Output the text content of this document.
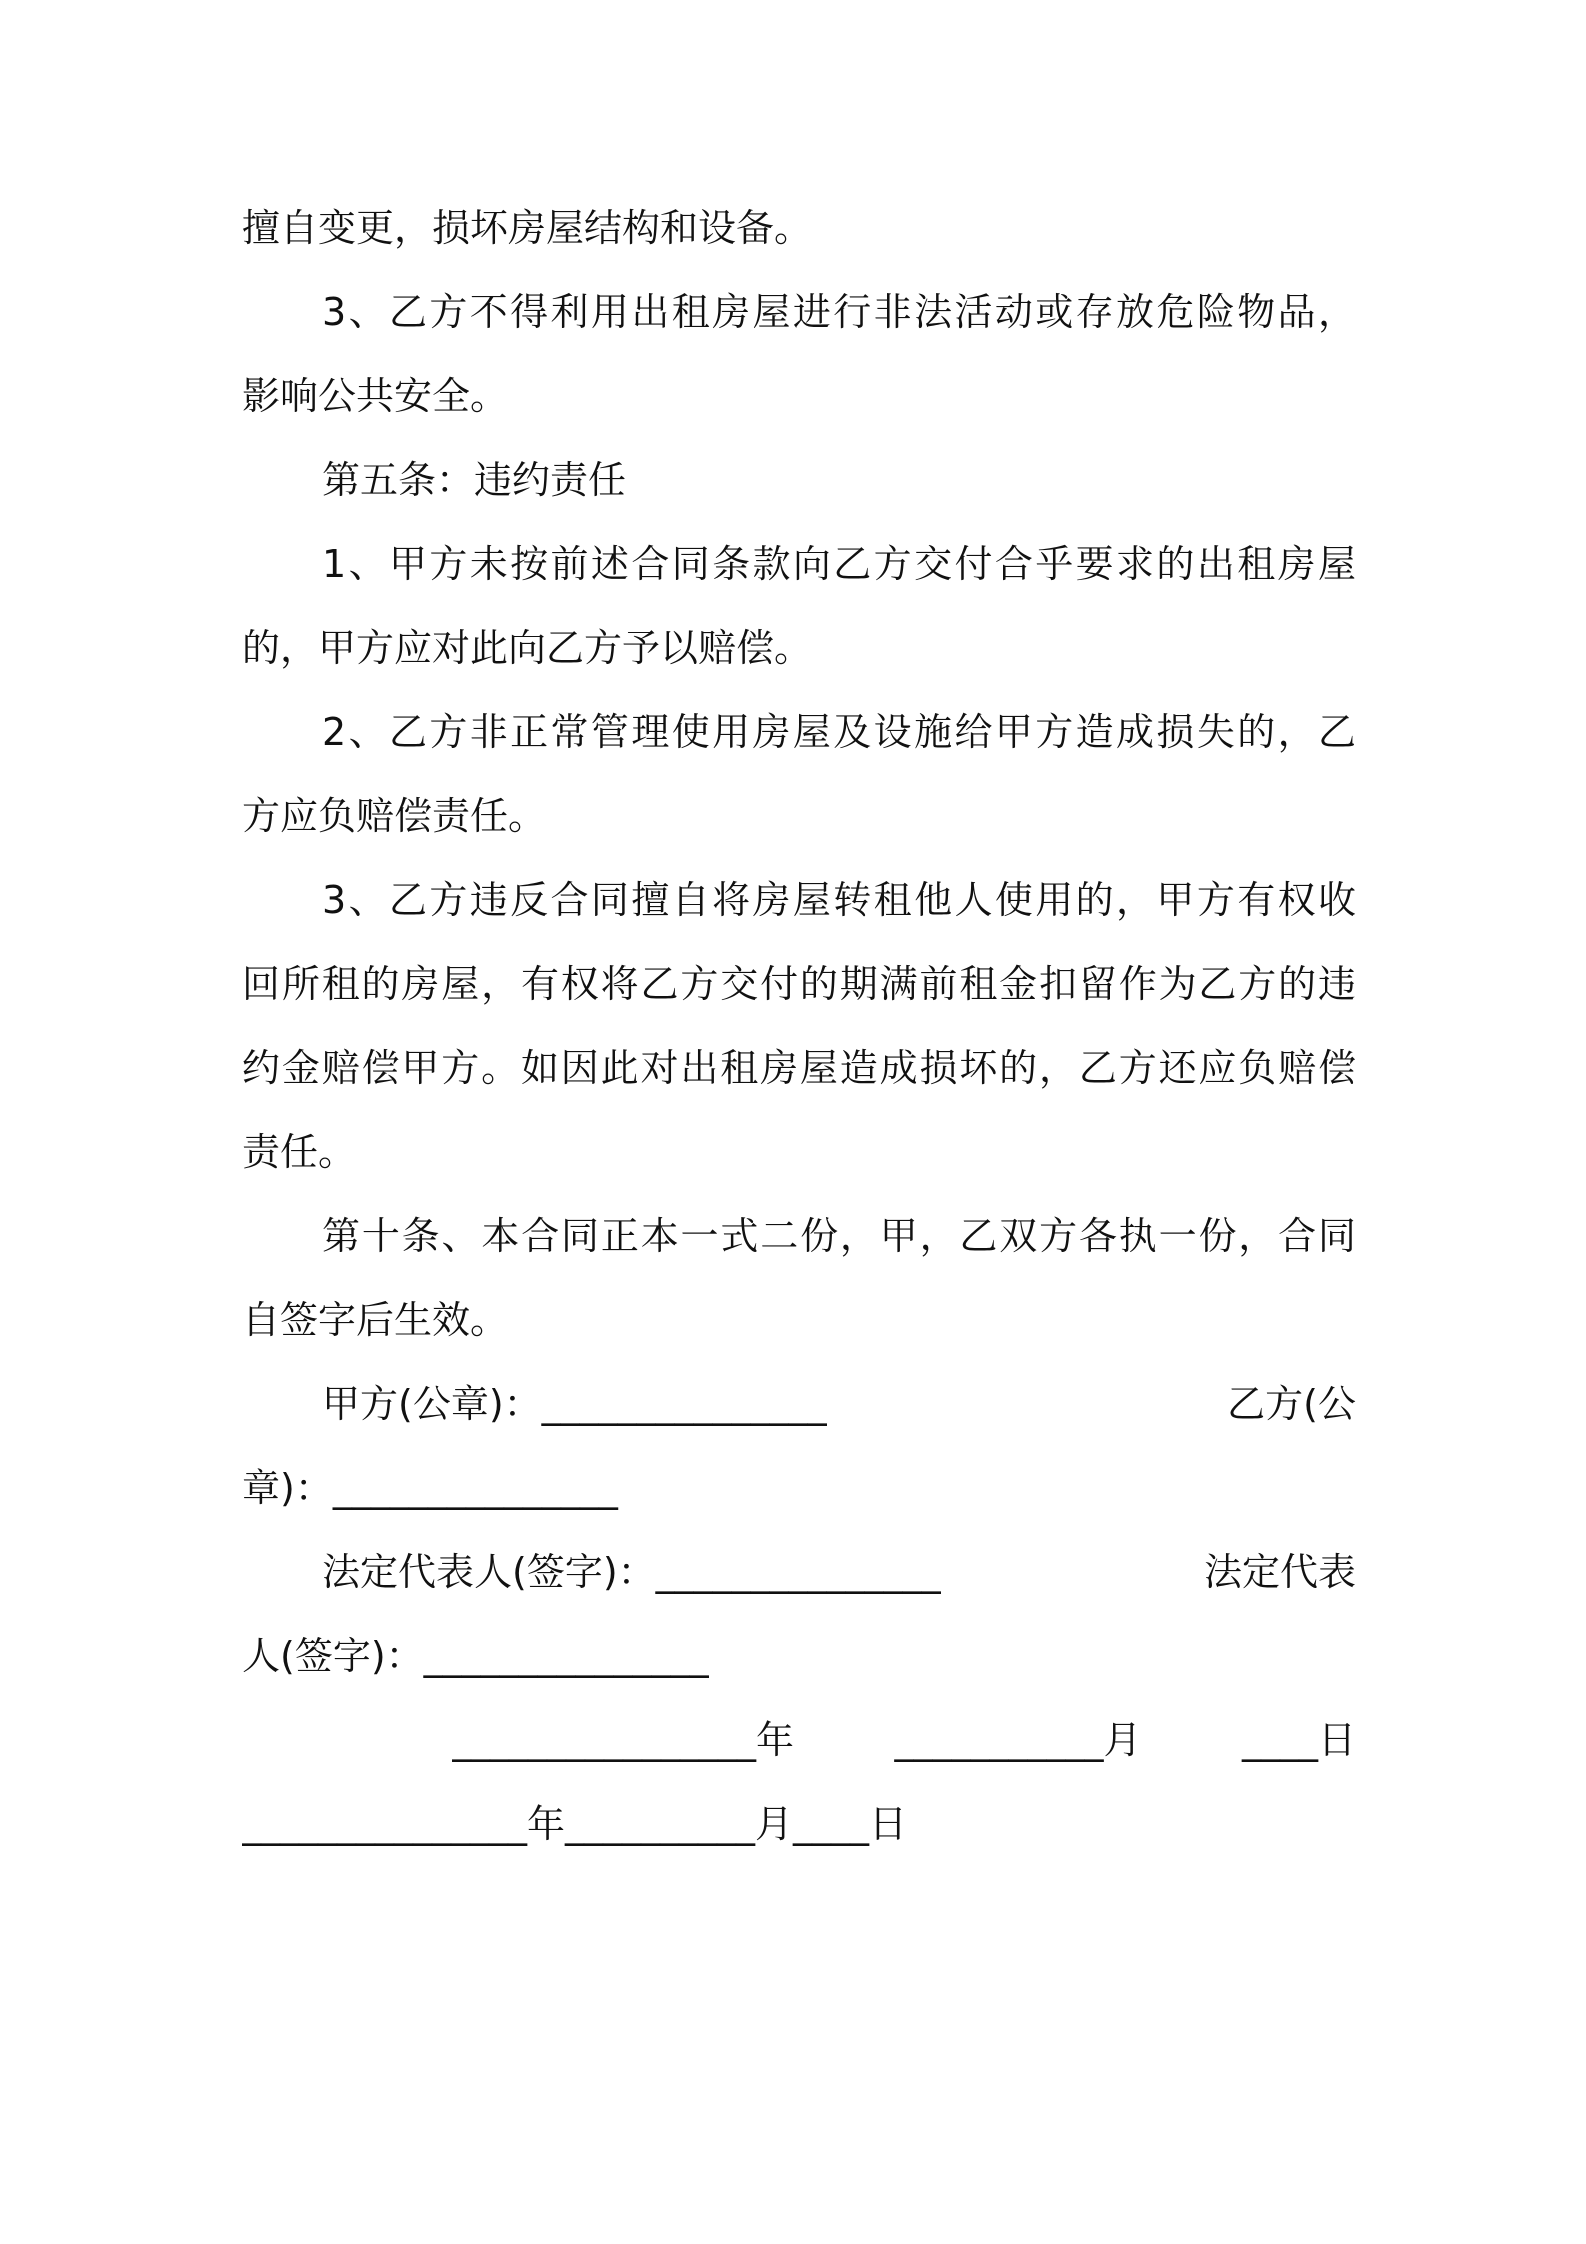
擅自变更，损坏房屋结构和设备。
3、乙方不得利用出租房屋进行非法活动或存放危险物品，
影响公共安全。
第五条：违约责任
1、甲方未按前述合同条款向乙方交付合乎要求的出租房屋
的，甲方应对此向乙方予以赔偿。
2、乙方非正常管理使用房屋及设施给甲方造成损失的，乙
方应负赔偿责任。
3、乙方违反合同擅自将房屋转租他人使用的，甲方有权收
回所租的房屋，有权将乙方交付的期满前租金扣留作为乙方的违
约金赔偿甲方。如因此对出租房屋造成损坏的，乙方还应负赔偿
责任。
第十条、本合同正本一式二份，甲，乙双方各执一份，合同
自签字后生效。
甲方(公章)：_______________	乙方(公
章)：_______________
法定代表人(签字)：_______________	法定代表
人(签字)：_______________
________________年	___________月	____日
_______________年__________月____日
